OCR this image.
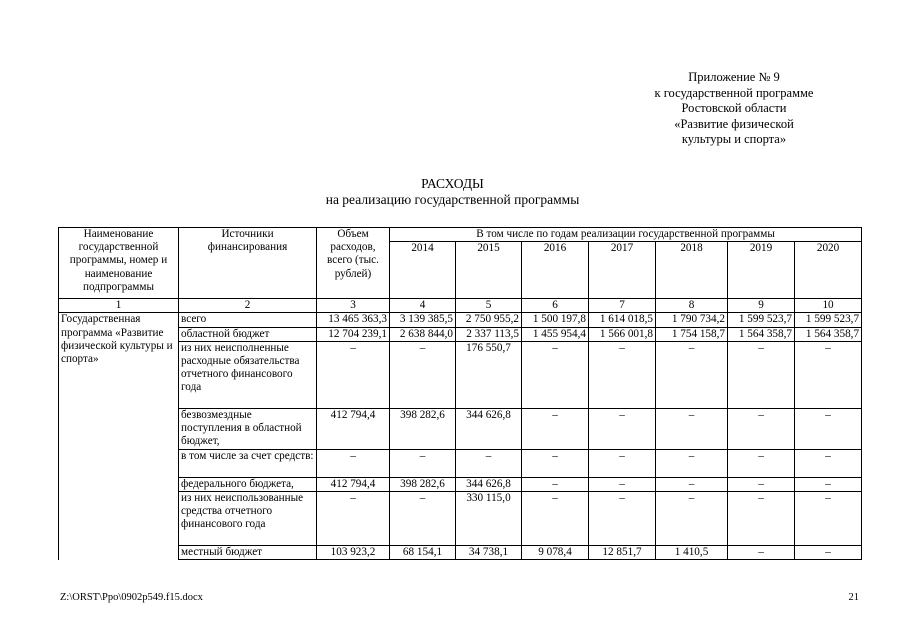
Приложение № 9
к государственной программе
Ростовской области
«Развитие физической
культуры и спорта»
РАСХОДЫ
на реализацию государственной программы
Наименование государственной программы, номер и наименование подпрограммы	Источники финансирования	Объем расходов, всего (тыс. рублей)	В том числе по годам реализации государственной программы						
			2014	2015	2016	2017	2018	2019	2020
1	2	3	4	5	6	7	8	9	10
Государственная программа «Развитие физической культуры и спорта»	всего	13 465 363,3	3 139 385,5	2 750 955,2	1 500 197,8	1 614 018,5	1 790 734,2	1 599 523,7	1 599 523,7
	областной бюджет	12 704 239,1	2 638 844,0	2 337 113,5	1 455 954,4	1 566 001,8	1 754 158,7	1 564 358,7	1 564 358,7
	из них неисполненные расходные обязательства отчетного финансового года	–	–	176 550,7	–	–	–	–	–
	безвозмездные поступления в областной бюджет,	412 794,4	398 282,6	344 626,8	–	–	–	–	–
	в том числе за счет средств:	–	–	–	–	–	–	–	–
	федерального бюджета,	412 794,4	398 282,6	344 626,8	–	–	–	–	–
	из них неиспользованные средства отчетного финансового года	–	–	330 115,0	–	–	–	–	–
	местный бюджет	103 923,2	68 154,1	34 738,1	9 078,4	12 851,7	1 410,5	–	–
Z:\ORST\Ppo\0902p549.f15.docx	21
